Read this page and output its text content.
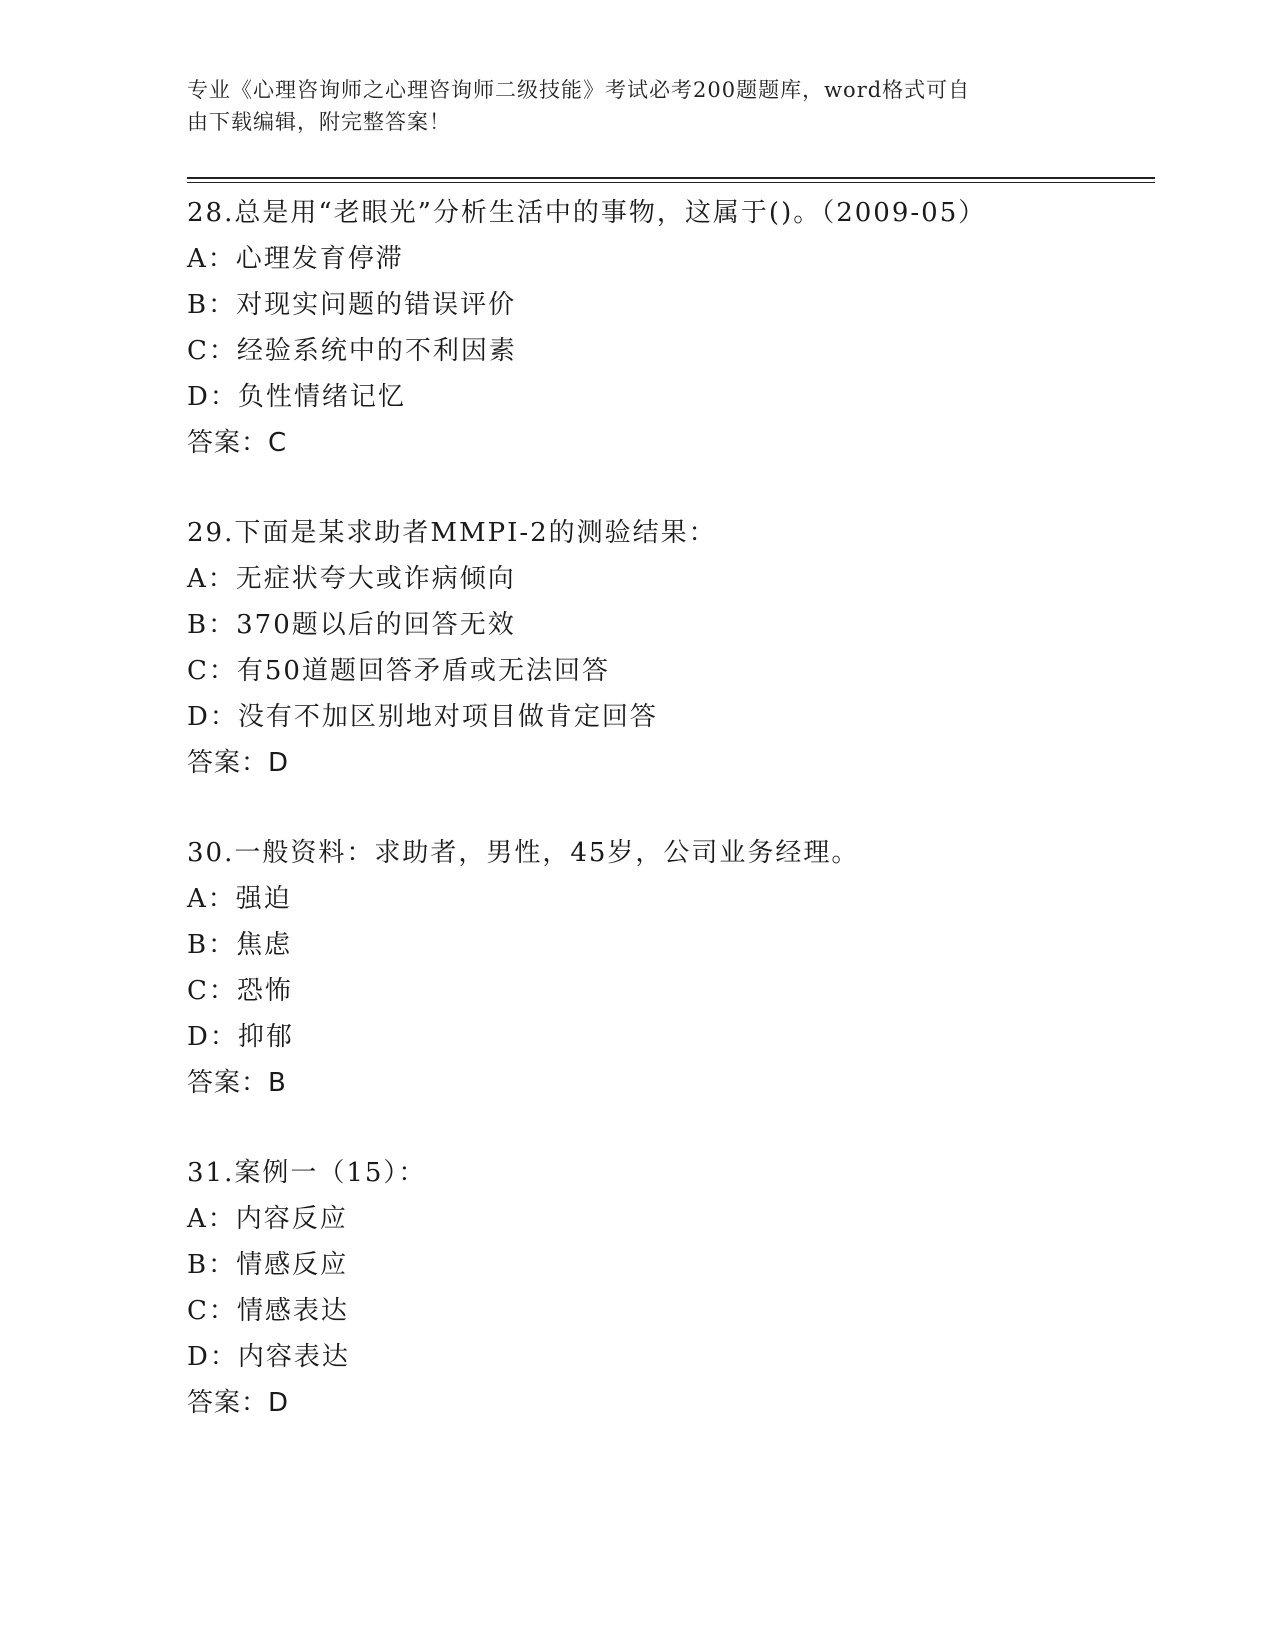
专业《心理咨询师之心理咨询师二级技能》考试必考200题题库，word格式可自
由下载编辑，附完整答案！
28.总是用“老眼光”分析生活中的事物，这属于()。（2009-05）
A：心理发育停滞
B：对现实问题的错误评价
C：经验系统中的不利因素
D：负性情绪记忆
答案：C
29.下面是某求助者MMPI-2的测验结果：
A：无症状夸大或诈病倾向
B：370题以后的回答无效
C：有50道题回答矛盾或无法回答
D：没有不加区别地对项目做肯定回答
答案：D
30.一般资料：求助者，男性，45岁，公司业务经理。
A：强迫
B：焦虑
C：恐怖
D：抑郁
答案：B
31.案例一（15）：
A：内容反应
B：情感反应
C：情感表达
D：内容表达
答案：D
